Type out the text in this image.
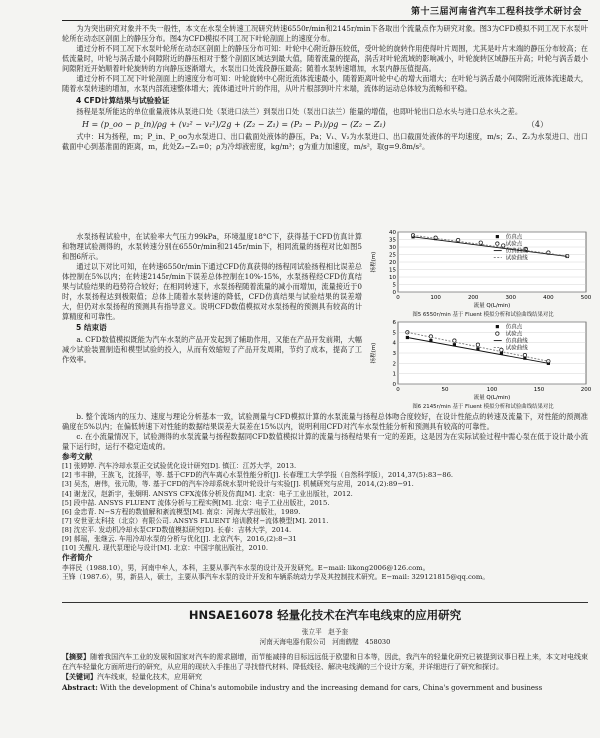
第十三届河南省汽车工程科技学术研讨会

为为突出研究对象并不失一般性，本文在水泵全转速工况研究转速6550r/min和2145r/min下各取出个流量点作为研究对象。图3为CFD模拟不同工况下水泵叶轮所在动态区剖面上的静压分布。图4为CFD模拟不同工况下叶轮剖面上的速度分布。

通过分析不同工况下水泵叶轮所在动态区剖面上的静压分布可知：叶轮中心附近静压较低，受叶轮的旋转作用使得叶片周围，尤其是叶片末端的静压分布较高；在低流量时，叶轮与涡舌最小间隙附近的静压相对于整个剖面区域达到最大值，随着流量的提高，涡舌对叶轮流域的影响减小，叶轮旋转区域静压升高；叶轮与涡舌最小间隙附近开始顺着叶轮旋转的方向静压逐渐增大，水泵出口处流段静压最高；随着水泵转速增加，水泵内静压值提高。

通过分析不同工况下叶轮剖面上的速度分布可知：叶轮旋转中心附近流体流速最小，随着距离叶轮中心的增大而增大；在叶轮与涡舌最小间隙附近液体流速最大，随着水泵转速的增加，水泵内部流速整体增大；流体通过叶片的作用，从叶片根部到叶片末端，流体的运动总体较为流畅和平稳。

4 CFD计算结果与试验验证

扬程是泵所能达的单位重量液体从泵进口处（泵进口法兰）到泵出口处（泵出口法兰）能量的增值，也即叶轮出口总水头与进口总水头之差。

H = (p_oo − p_in)/ρg + (v₂² − v₁²)/2g + (Z₂ − Z₁) = (P₂ − P₁)/ρg − (Z₂ − Z₁)	（4）

式中：H为扬程，m；P_in、P_oo为水泵进口、出口截面处液体的静压，Pa；V₁、V₂为水泵进口、出口截面处液体的平均速度，m/s；Z₁、Z₂为水泵进口、出口截面中心到基准面的距离，m，此处Z₂−Z₁=0；ρ为冷却液密度，kg/m³；g为重力加速度，m/s²，取g=9.8m/s²。

水泵扬程试验中，在试验率大气压力99kPa，环境温度18°C下，获得基于CFD仿真计算和物理试验测得的，水泵转速分别在6550r/min和2145r/min下，相同流量的扬程对比如图5和图6所示。

通过以下对比可知，在转速6550r/min下通过CFD仿真获得的扬程同试验扬程相比误差总体控制在5%以内；在转速2145r/min下误差总体控制在10%-15%，水泵扬程经CFD仿真结果与试验结果的趋势符合较好；在相同转速下，水泵扬程随着流量的减小而增加，流量接近于0时，水泵扬程达到极限值；总体上随着水泵转速的降低，CFD仿真结果与试验结果的误差增大，但仍对水泵扬程的预测具有指导意义。说明CFD数值模拟对水泵扬程的预测具有较高的计算精度和可靠性。

5 结束语

a. CFD数值模拟既能为汽车水泵的产品开发起到了辅助作用，又能在产品开发前期，大幅减少试验装置制造和模型试验的投入，从而有效缩短了产品开发周期，节约了成本，提高了工作效率。

0
5
10
15
20
25
30
35
40
0	100	200	300	400	500
流量 Q(L/min)
扬程(m)
仿真点
试验点
仿真曲线
试验曲线
图5 6550r/min 基于 Fluent 模拟分析和试验曲线结果对比
0
1
2
3
4
5
6
0	50	100	150	200
流量 Q(L/min)
扬程(m)
仿真点
试验点
仿真曲线
试验曲线
图6 2145r/min 基于 Fluent 模拟分析和试验曲线结果对比

b. 整个流场内的压力、速度与理论分析基本一致，试验测量与CFD模拟计算的水泵流量与扬程总体吻合度较好，在设计性能点的转速及流量下，对性能的预测准确度在5%以内；在偏低转速下对性能的数据结果误差大误差在15%以内，说明利用CFD对汽车水泵性能分析和预测具有较高的可靠性。

c. 在小流量情况下，试验测得的水泵流量与扬程数据同CFD数值模拟计算的流量与扬程结果有一定的差距，这是因为在实际试验过程中需心泵在低于设计最小流量下运行时，运行不稳定造成的。

参考文献
[1] 张婷婷. 汽车冷却水泵正交试验优化设计研究[D]. 镇江：江苏大学，2013.
[2] 韦丰翀，王族飞，沈扬平，等. 基于CFD的汽车离心水泵性能分析[J]. 长春理工大学学报（自然科学版），2014,37(5):83−86.
[3] 吴杰，唐伟，张元勋，等. 基于CFD的汽车冷却系统水泵叶轮设计与实验[J]. 机械研究与应用，2014,(2):89−91.
[4] 谢龙汉，赵新宇，张炯明. ANSYS CFX流体分析及仿真[M]. 北京：电子工业出版社，2012.
[5] 段中喆. ANSYS FLUENT 流体分析与工程实例[M]. 北京：电子工业出版社，2015.
[6] 金忠青. N−S方程的数值解和紊流模型[M]. 南京：河海大学出版社，1989.
[7] 安世亚太科技（北京）有限公司. ANSYS FLUENT 培训教材−流体模型[M]. 2011.
[8] 沈宏平. 发动机冷却水泵CFD数值模拟研究[D]. 长春：吉林大学，2014.
[9] 郝瑶，张继云. 车用冷却水泵的分析与优化[J]. 北京汽车，2016,(2):8−31
[10] 关醒凡. 现代泵理论与设计[M]. 北京：中国宇航出版社，2010.
作者简介
李祥民（1988.10），男，河南中牟人，本科，主要从事汽车水泵的设计及开发研究。E−mail: likong2006@126.com。
王锋（1987.6），男，新县人，硕士，主要从事汽车水泵的设计开发和车辆系统动力学及其控制技术研究。E−mail: 329121815@qq.com。
HNSAE16078 轻量化技术在汽车电线束的应用研究
张立平　赵予奎
河南天海电器有限公司　河南鹤壁　458030

【摘要】随着我国汽车工业的发展和国家对汽车的需求剧增，而节能减排的目标远远低于欧盟和日本等，因此，我汽车的轻量化研究已被提到议事日程上来，本文对电线束在汽车轻量化方面所进行的研究，从应用的现状入手推出了寻找替代材料、降低线径、解决电线满的三个设计方案，并详细进行了研究和探讨。

【关键词】汽车线束，轻量化技术，应用研究

Abstract: With the development of China's automobile industry and the increasing demand for cars, China's government and business
